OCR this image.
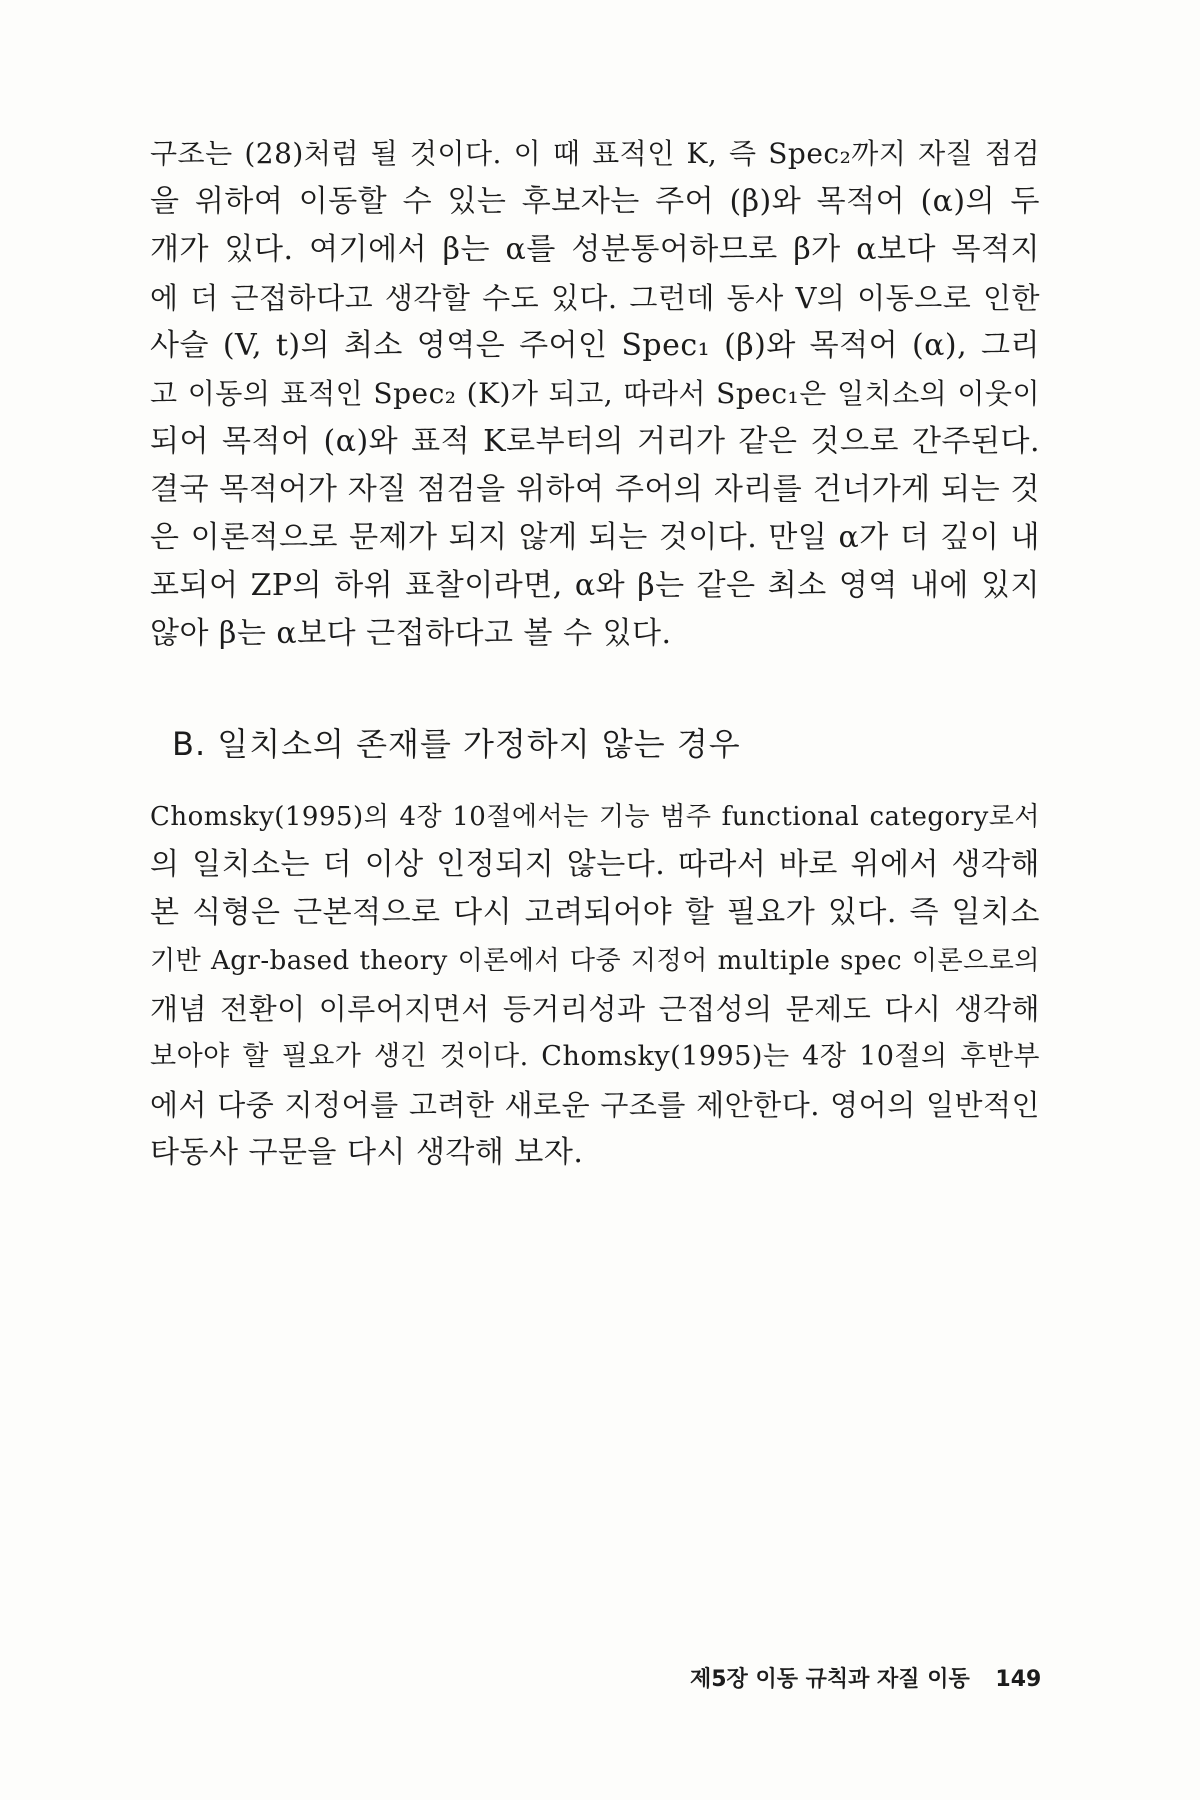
구조는 (28)처럼 될 것이다. 이 때 표적인 K, 즉 Spec₂까지 자질 점검
을 위하여 이동할 수 있는 후보자는 주어 (β)와 목적어 (α)의 두
개가 있다. 여기에서 β는 α를 성분통어하므로 β가 α보다 목적지
에 더 근접하다고 생각할 수도 있다. 그런데 동사 V의 이동으로 인한
사슬 (V, t)의 최소 영역은 주어인 Spec₁ (β)와 목적어 (α), 그리
고 이동의 표적인 Spec₂ (K)가 되고, 따라서 Spec₁은 일치소의 이웃이
되어 목적어 (α)와 표적 K로부터의 거리가 같은 것으로 간주된다.
결국 목적어가 자질 점검을 위하여 주어의 자리를 건너가게 되는 것
은 이론적으로 문제가 되지 않게 되는 것이다. 만일 α가 더 깊이 내
포되어 ZP의 하위 표찰이라면, α와 β는 같은 최소 영역 내에 있지
않아 β는 α보다 근접하다고 볼 수 있다.
B. 일치소의 존재를 가정하지 않는 경우
Chomsky(1995)의 4장 10절에서는 기능 범주 functional category로서
의 일치소는 더 이상 인정되지 않는다. 따라서 바로 위에서 생각해
본 식형은 근본적으로 다시 고려되어야 할 필요가 있다. 즉 일치소
기반 Agr-based theory 이론에서 다중 지정어 multiple spec 이론으로의
개념 전환이 이루어지면서 등거리성과 근접성의 문제도 다시 생각해
보아야 할 필요가 생긴 것이다. Chomsky(1995)는 4장 10절의 후반부
에서 다중 지정어를 고려한 새로운 구조를 제안한다. 영어의 일반적인
타동사 구문을 다시 생각해 보자.
제5장 이동 규칙과 자질 이동 149
